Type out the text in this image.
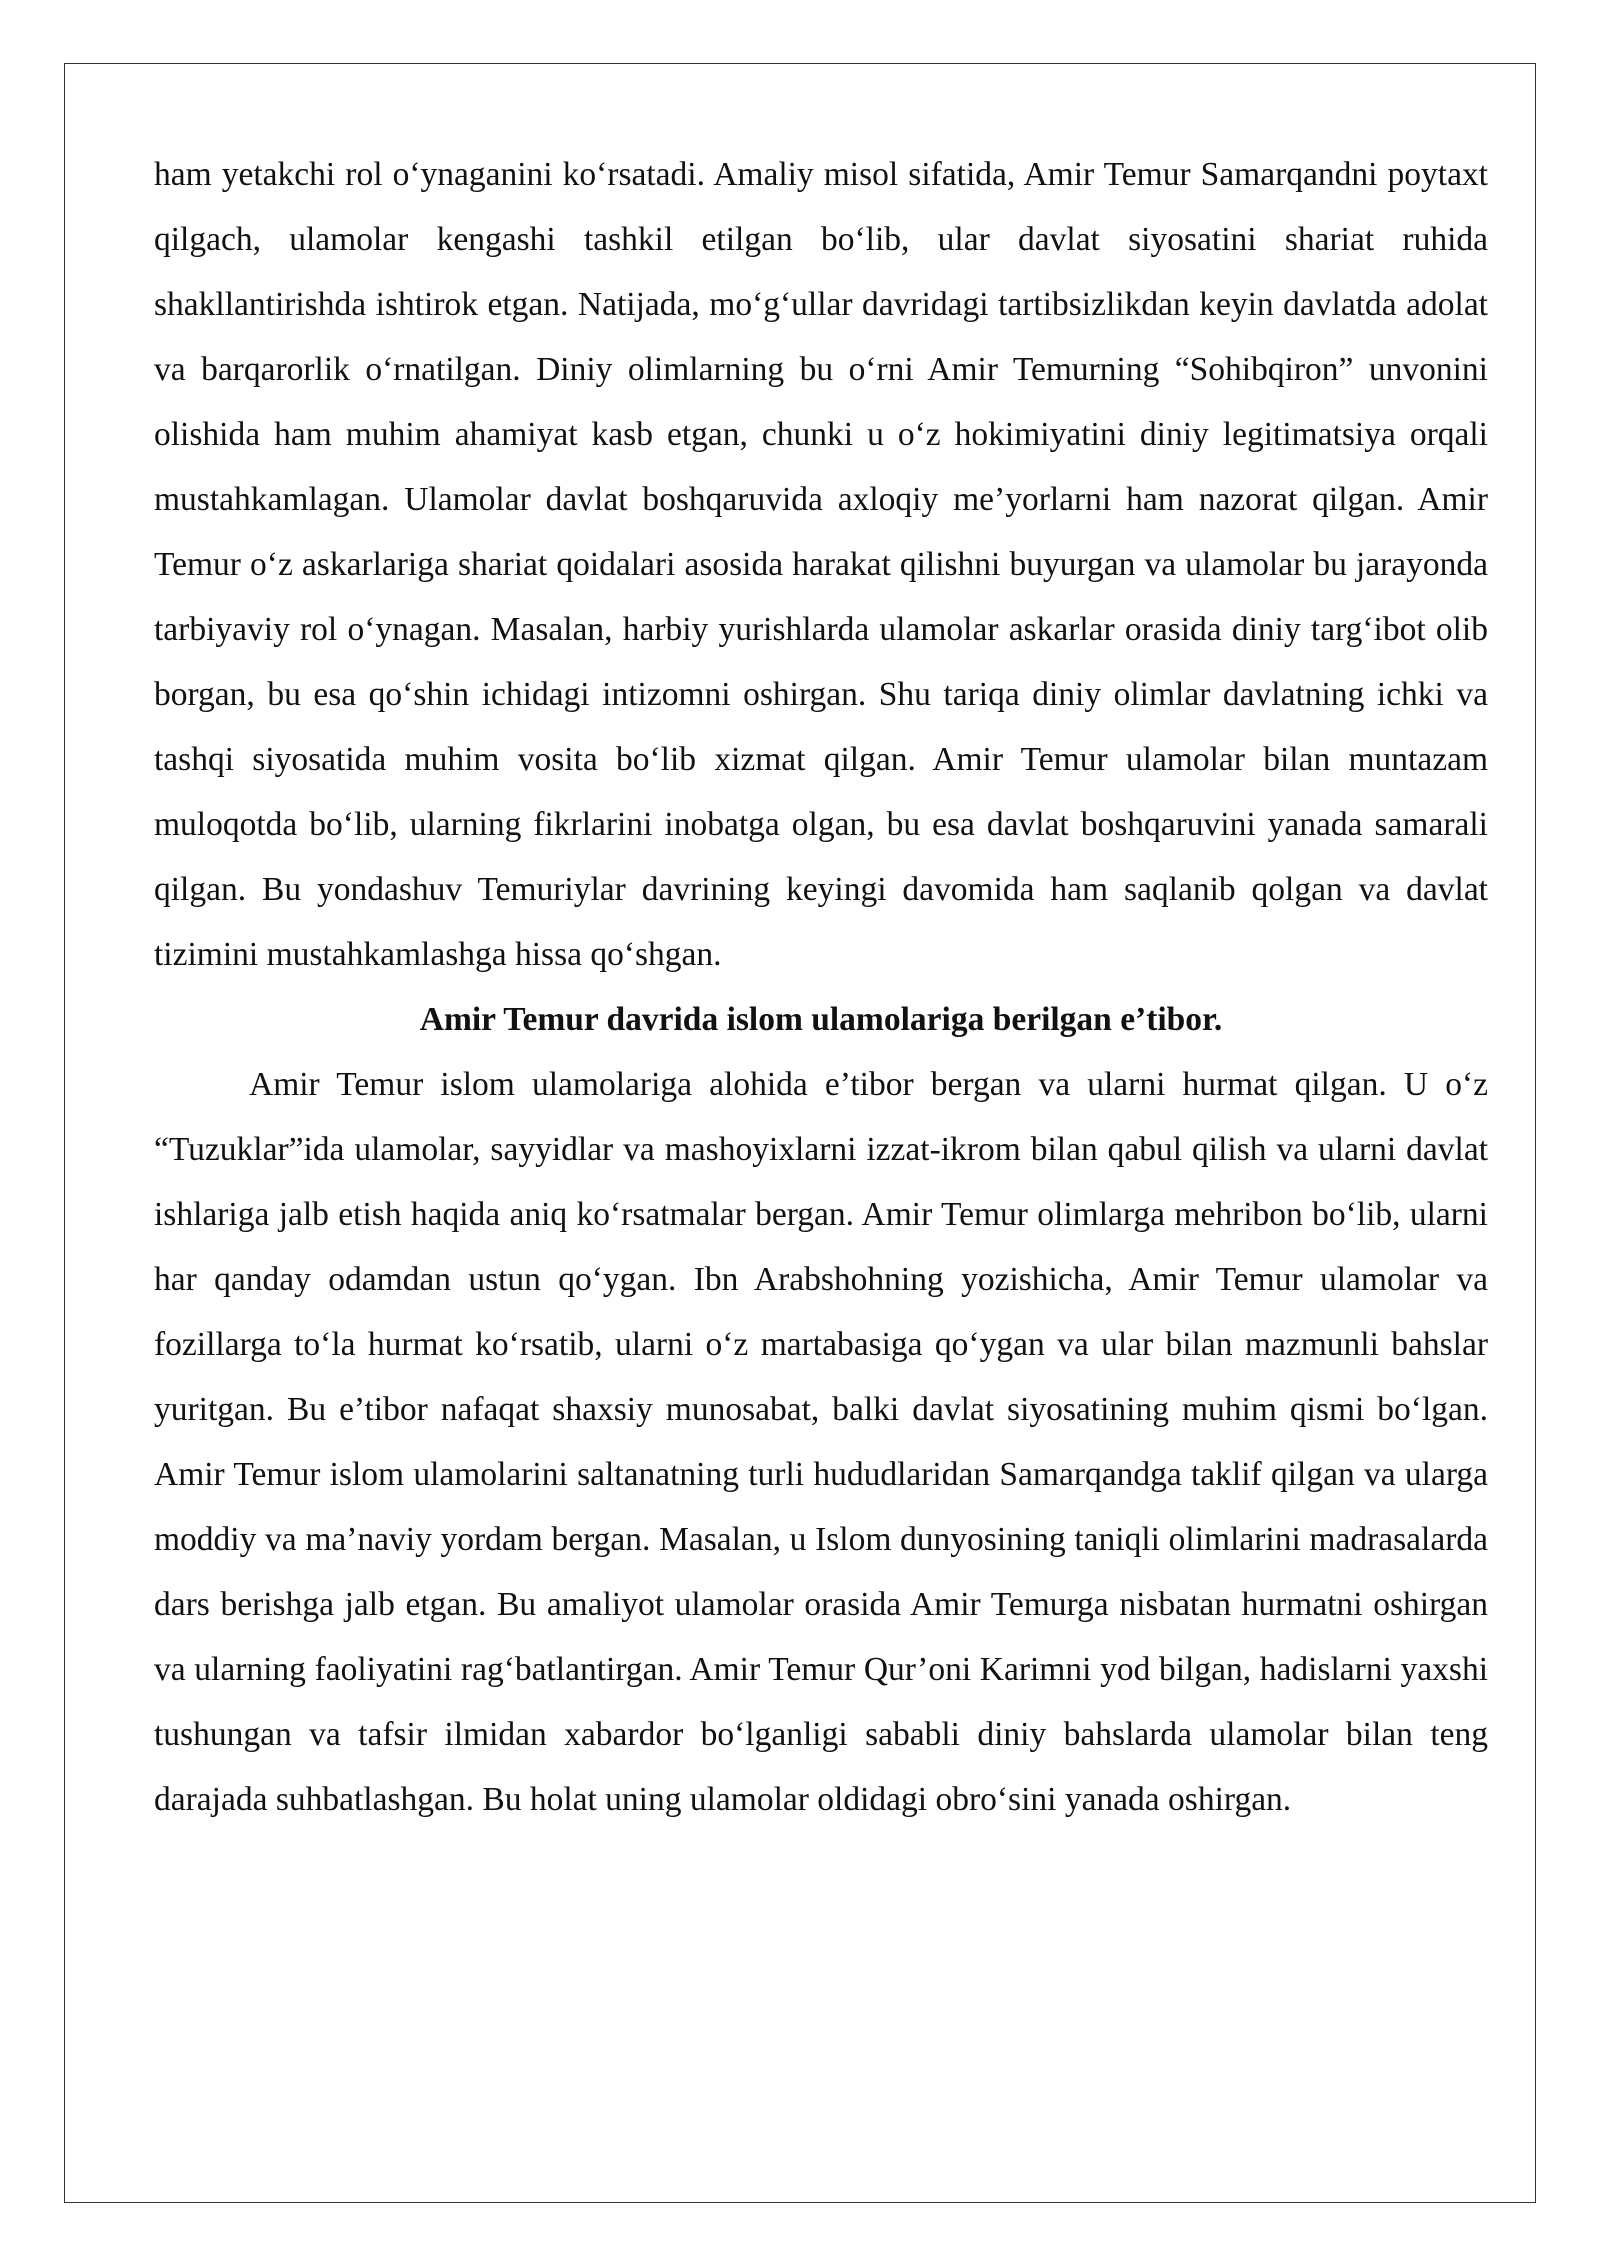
ham yetakchi rol o‘ynaganini ko‘rsatadi. Amaliy misol sifatida, Amir Temur Samarqandni poytaxt qilgach, ulamolar kengashi tashkil etilgan bo‘lib, ular davlat siyosatini shariat ruhida shakllantirishda ishtirok etgan. Natijada, mo‘g‘ullar davridagi tartibsizlikdan keyin davlatda adolat va barqarorlik o‘rnatilgan. Diniy olimlarning bu o‘rni Amir Temurning “Sohibqiron” unvonini olishida ham muhim ahamiyat kasb etgan, chunki u o‘z hokimiyatini diniy legitimatsiya orqali mustahkamlagan. Ulamolar davlat boshqaruvida axloqiy me’yorlarni ham nazorat qilgan. Amir Temur o‘z askarlariga shariat qoidalari asosida harakat qilishni buyurgan va ulamolar bu jarayonda tarbiyaviy rol o‘ynagan. Masalan, harbiy yurishlarda ulamolar askarlar orasida diniy targ‘ibot olib borgan, bu esa qo‘shin ichidagi intizomni oshirgan. Shu tariqa diniy olimlar davlatning ichki va tashqi siyosatida muhim vosita bo‘lib xizmat qilgan. Amir Temur ulamolar bilan muntazam muloqotda bo‘lib, ularning fikrlarini inobatga olgan, bu esa davlat boshqaruvini yanada samarali qilgan. Bu yondashuv Temuriylar davrining keyingi davomida ham saqlanib qolgan va davlat tizimini mustahkamlashga hissa qo‘shgan.

Amir Temur davrida islom ulamolariga berilgan e’tibor.

Amir Temur islom ulamolariga alohida e’tibor bergan va ularni hurmat qilgan. U o‘z “Tuzuklar”ida ulamolar, sayyidlar va mashoyixlarni izzat-ikrom bilan qabul qilish va ularni davlat ishlariga jalb etish haqida aniq ko‘rsatmalar bergan. Amir Temur olimlarga mehribon bo‘lib, ularni har qanday odamdan ustun qo‘ygan. Ibn Arabshohning yozishicha, Amir Temur ulamolar va fozillarga to‘la hurmat ko‘rsatib, ularni o‘z martabasiga qo‘ygan va ular bilan mazmunli bahslar yuritgan. Bu e’tibor nafaqat shaxsiy munosabat, balki davlat siyosatining muhim qismi bo‘lgan. Amir Temur islom ulamolarini saltanatning turli hududlaridan Samarqandga taklif qilgan va ularga moddiy va ma’naviy yordam bergan. Masalan, u Islom dunyosining taniqli olimlarini madrasalarda dars berishga jalb etgan. Bu amaliyot ulamolar orasida Amir Temurga nisbatan hurmatni oshirgan va ularning faoliyatini rag‘batlantirgan. Amir Temur Qur’oni Karimni yod bilgan, hadislarni yaxshi tushungan va tafsir ilmidan xabardor bo‘lganligi sababli diniy bahslarda ulamolar bilan teng darajada suhbatlashgan. Bu holat uning ulamolar oldidagi obro‘sini yanada oshirgan.
